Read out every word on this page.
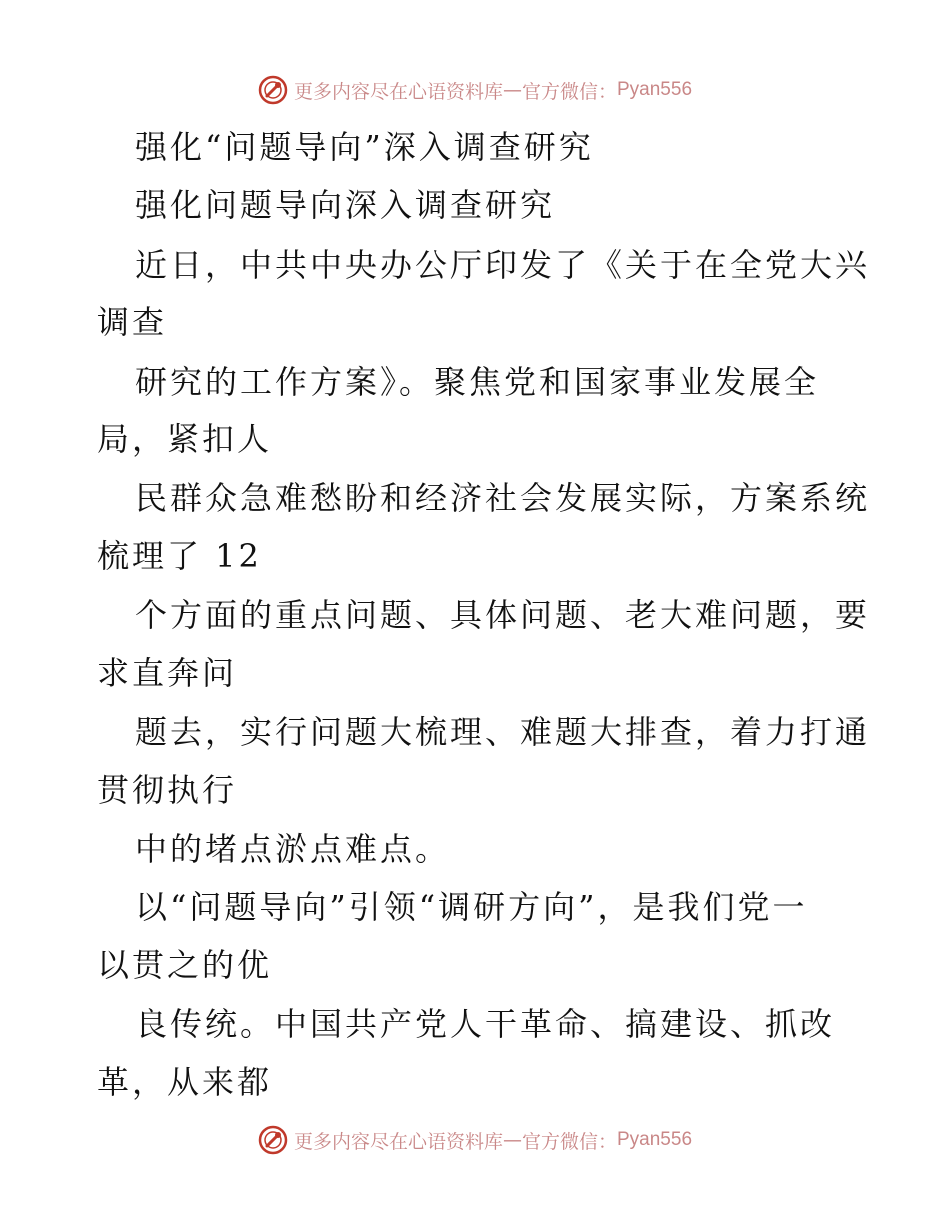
更多内容尽在心语资料库 — 官方微信： Pyan556
强化“问题导向”深入调查研究
强化问题导向深入调查研究
近日，中共中央办公厅印发了《关于在全党大兴
调查
研究的工作方案》。聚焦党和国家事业发展全
局，紧扣人
民群众急难愁盼和经济社会发展实际，方案系统
梳理了 12
个方面的重点问题、具体问题、老大难问题，要
求直奔问
题去，实行问题大梳理、难题大排查，着力打通
贯彻执行
中的堵点淤点难点。
以“问题导向”引领“调研方向”，是我们党一
以贯之的优
良传统。中国共产党人干革命、搞建设、抓改
革，从来都
更多内容尽在心语资料库 — 官方微信： Pyan556
